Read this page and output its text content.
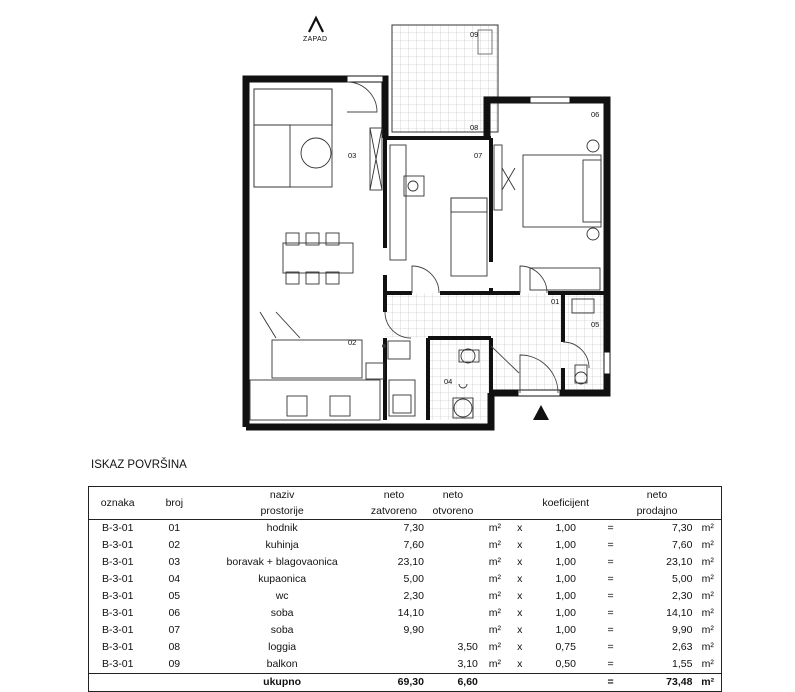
01
02
03
04
05
06
07
08
09
ZAPAD
ISKAZ POVRŠINA
		naziv	neto	neto					neto	
oznaka	broj	prostorije	zatvoreno	otvoreno			koeficijent		prodajno	
B-3-01	01	hodnik	7,30		m²	x	1,00	=	7,30	m²
B-3-01	02	kuhinja	7,60		m²	x	1,00	=	7,60	m²
B-3-01	03	boravak + blagovaonica	23,10		m²	x	1,00	=	23,10	m²
B-3-01	04	kupaonica	5,00		m²	x	1,00	=	5,00	m²
B-3-01	05	wc	2,30		m²	x	1,00	=	2,30	m²
B-3-01	06	soba	14,10		m²	x	1,00	=	14,10	m²
B-3-01	07	soba	9,90		m²	x	1,00	=	9,90	m²
B-3-01	08	loggia		3,50	m²	x	0,75	=	2,63	m²
B-3-01	09	balkon		3,10	m²	x	0,50	=	1,55	m²
		ukupno	69,30	6,60				=	73,48	m²
